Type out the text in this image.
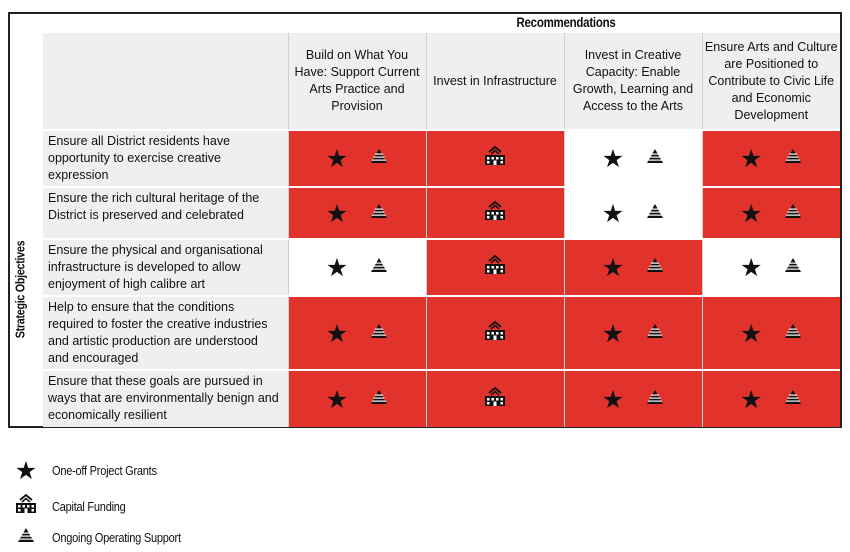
Recommendations
Strategic Objectives
	Build on What You Have: Support Current Arts Practice and Provision	Invest in Infrastructure	Invest in Creative Capacity: Enable Growth, Learning and Access to the Arts	Ensure Arts and Culture are Positioned to Contribute to Civic Life and Economic Development
Ensure all District residents have opportunity to exercise creative expression	★		★	★
Ensure the rich cultural heritage of the District is preserved and celebrated	★		★	★
Ensure the physical and organisational infrastructure is developed to allow enjoyment of high calibre art	★		★	★
Help to ensure that the conditions required to foster the creative industries and artistic production are understood and encouraged	★		★	★
Ensure that these goals are pursued in ways that are environmentally benign and economically resilient	★		★	★
★ One-off Project Grants
Capital Funding
Ongoing Operating Support
